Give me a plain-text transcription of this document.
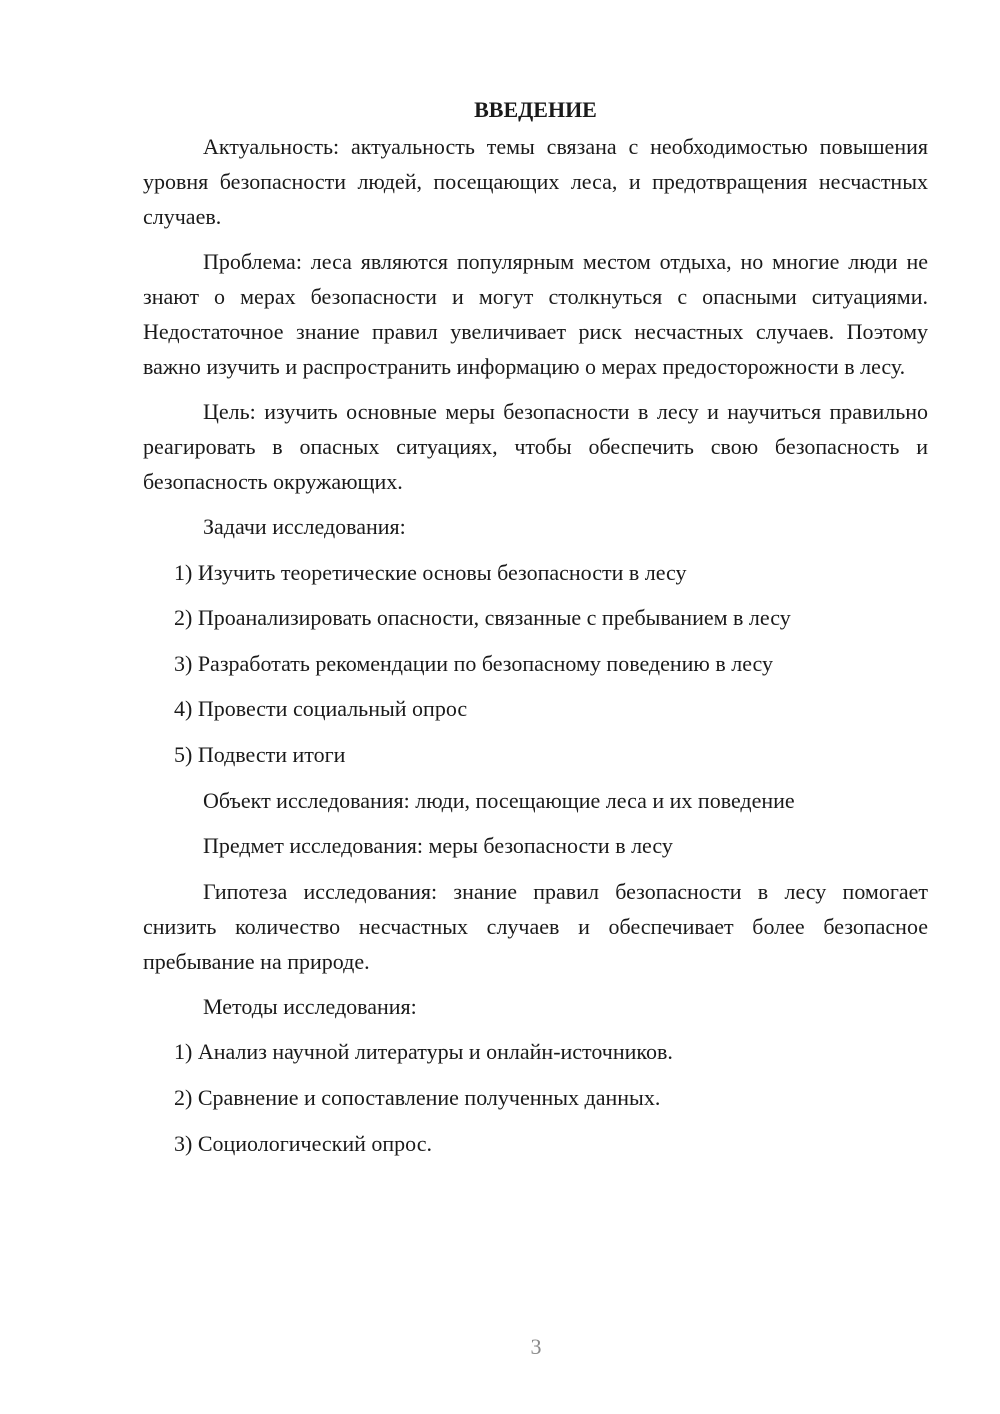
ВВЕДЕНИЕ

Актуальность: актуальность темы связана с необходимостью повышения уровня безопасности людей, посещающих леса, и предотвращения несчастных случаев.

Проблема: леса являются популярным местом отдыха, но многие люди не знают о мерах безопасности и могут столкнуться с опасными ситуациями. Недостаточное знание правил увеличивает риск несчастных случаев. Поэтому важно изучить и распространить информацию о мерах предосторожности в лесу.

Цель: изучить основные меры безопасности в лесу и научиться правильно реагировать в опасных ситуациях, чтобы обеспечить свою безопасность и безопасность окружающих.

Задачи исследования:
1) Изучить теоретические основы безопасности в лесу
2) Проанализировать опасности, связанные с пребыванием в лесу
3) Разработать рекомендации по безопасному поведению в лесу
4) Провести социальный опрос
5) Подвести итоги
Объект исследования: люди, посещающие леса и их поведение
Предмет исследования: меры безопасности в лесу

Гипотеза исследования: знание правил безопасности в лесу помогает снизить количество несчастных случаев и обеспечивает более безопасное пребывание на природе.

Методы исследования:
1) Анализ научной литературы и онлайн-источников.
2) Сравнение и сопоставление полученных данных.
3) Социологический опрос.
3
